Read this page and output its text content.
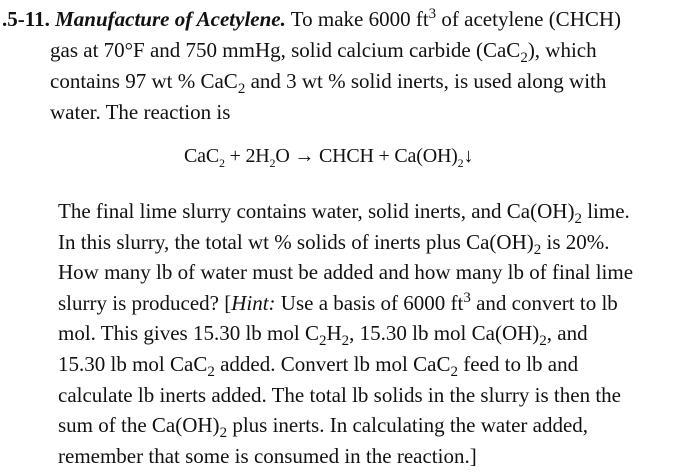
.5-11. Manufacture of Acetylene. To make 6000 $ft^3$ of acetylene (CHCH)
gas at 70°F and 750 mmHg, solid calcium carbide (CaC$_2$), which
contains 97 wt % CaC$_2$ and 3 wt % solid inerts, is used along with
water. The reaction is
$CaC_2 + 2H_2O$ → CHCH + $Ca(OH)_2↓$
The final lime slurry contains water, solid inerts, and $Ca(OH)_2$ lime.
In this slurry, the total wt % solids of inerts plus $Ca(OH)_2$ is 20%.
How many lb of water must be added and how many lb of final lime
slurry is produced? [Hint: Use a basis of 6000 $ft^3$ and convert to lb
mol. This gives 15.30 lb mol $C_2H_2$, 15.30 lb mol $Ca(OH)_2$, and
15.30 lb mol CaC$_2$ added. Convert lb mol CaC$_2$ feed to lb and
calculate lb inerts added. The total lb solids in the slurry is then the
sum of the $Ca(OH)_2$ plus inerts. In calculating the water added,
remember that some is consumed in the reaction.]
